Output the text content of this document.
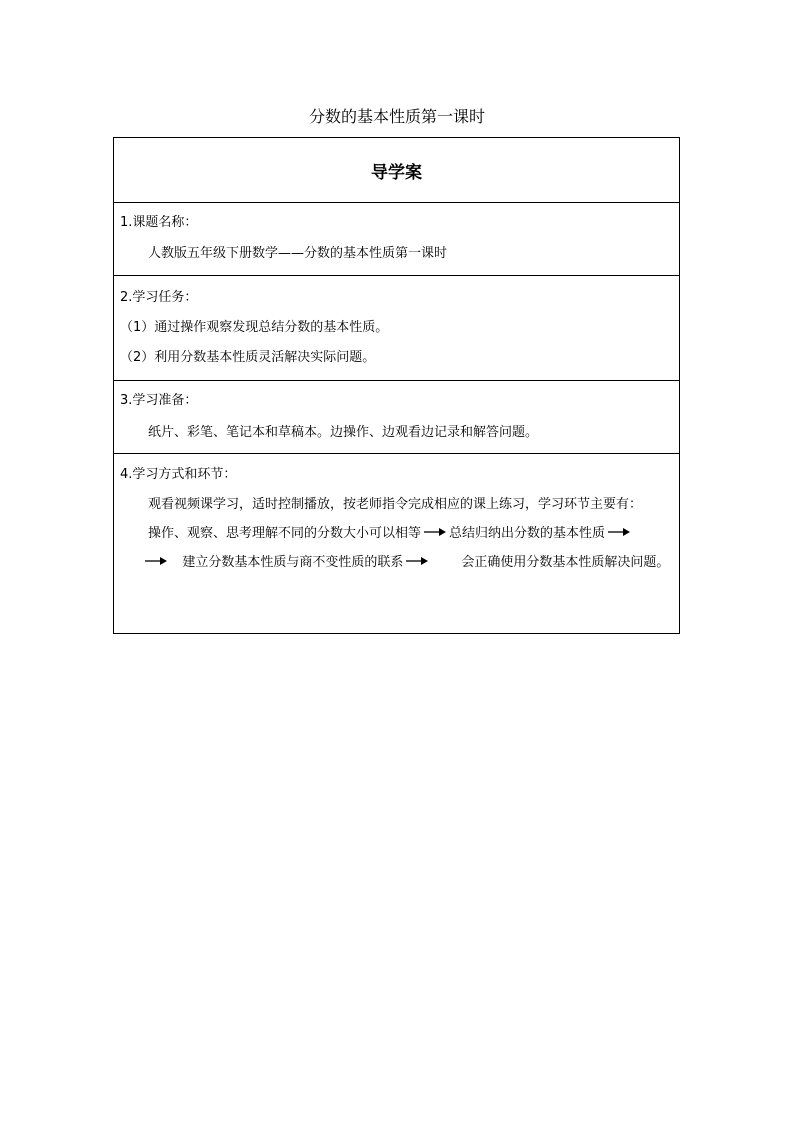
分数的基本性质第一课时
导学案
1.课题名称：
人教版五年级下册数学——分数的基本性质第一课时
2.学习任务：
（1）通过操作观察发现总结分数的基本性质。
（2）利用分数基本性质灵活解决实际问题。
3.学习准备：
纸片、彩笔、笔记本和草稿本。边操作、边观看边记录和解答问题。
4.学习方式和环节：
观看视频课学习，适时控制播放，按老师指令完成相应的课上练习，学习环节主要有：
操作、观察、思考理解不同的分数大小可以相等 总结归纳出分数的基本性质
建立分数基本性质与商不变性质的联系	会正确使用分数基本性质解决问题。
